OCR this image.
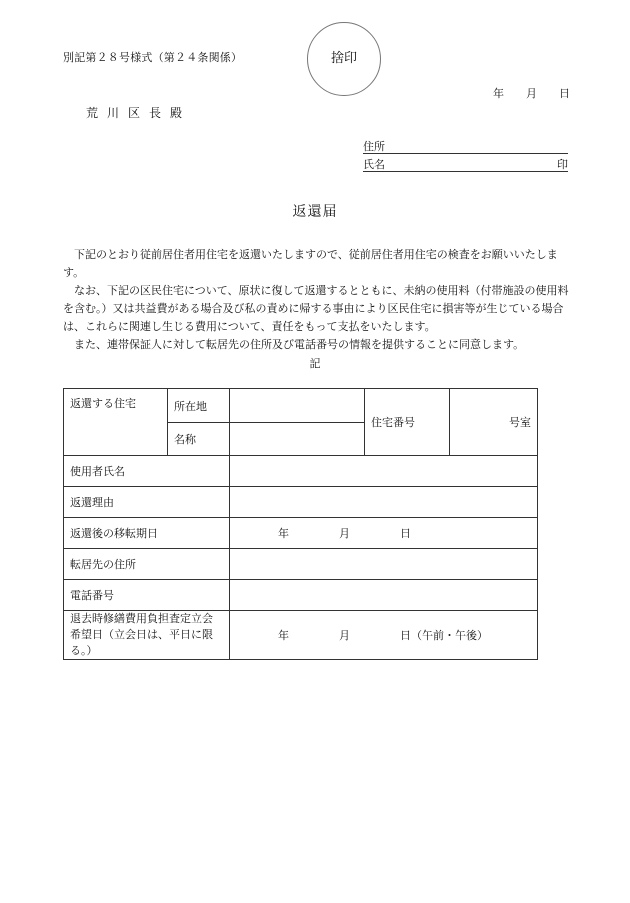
別記第２８号様式（第２４条関係）	捨印
年 月 日
荒川区長殿
住所
氏名	印
返還届

下記のとおり従前居住者用住宅を返還いたしますので、従前居住者用住宅の検査をお願いいたします。

なお、下記の区民住宅について、原状に復して返還するとともに、未納の使用料（付帯施設の使用料を含む。）又は共益費がある場合及び私の責めに帰する事由により区民住宅に損害等が生じている場合は、これらに関連し生じる費用について、責任をもって支払をいたします。

また、連帯保証人に対して転居先の住所及び電話番号の情報を提供することに同意します。

記
返還する住宅	所在地		住宅番号	号室
	名称			
使用者氏名				
返還理由				
返還後の移転期日		年 月 日		
転居先の住所				
電話番号				
退去時修繕費用負担査定立会希望日（立会日は、平日に限る。）		年 月 日（午前・午後）		
